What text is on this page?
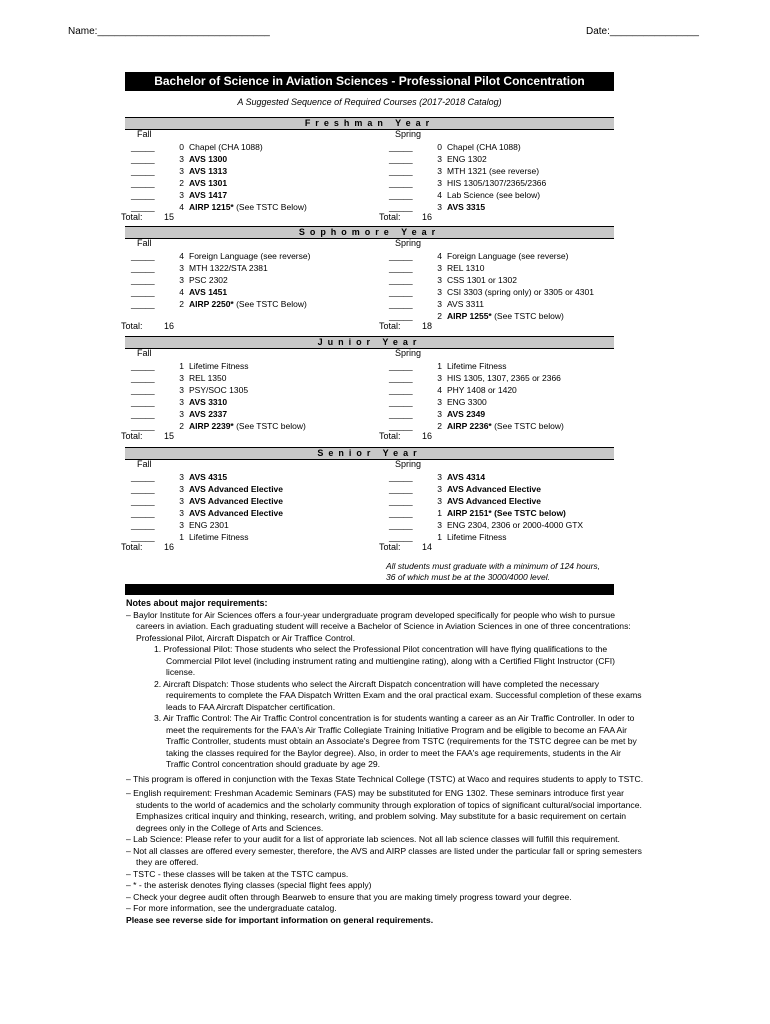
Name:_______________________________	Date:________________
Bachelor of Science in Aviation Sciences - Professional Pilot Concentration
A Suggested Sequence of Required Courses (2017-2018 Catalog)
Freshman Year
Fall
_____	0 Chapel (CHA 1088)
_____	3 AVS 1300
_____	3 AVS 1313
_____	2 AVS 1301
_____	3 AVS 1417
_____	4 AIRP 1215* (See TSTC Below)
Total: 15
Spring
_____	0 Chapel (CHA 1088)
_____	3 ENG 1302
_____	3 MTH 1321 (see reverse)
_____	3 HIS 1305/1307/2365/2366
_____	4 Lab Science (see below)
_____	3 AVS 3315
Total: 16
Sophomore Year
Fall
_____	4 Foreign Language (see reverse)
_____	3 MTH 1322/STA 2381
_____	3 PSC 2302
_____	4 AVS 1451
_____	2 AIRP 2250* (See TSTC Below)
Total: 16
Spring
_____	4 Foreign Language (see reverse)
_____	3 REL 1310
_____	3 CSS 1301 or 1302
_____	3 CSI 3303 (spring only) or 3305 or 4301
_____	3 AVS 3311
_____	2 AIRP 1255* (See TSTC below)
Total: 18
Junior Year
Fall
_____	1 Lifetime Fitness
_____	3 REL 1350
_____	3 PSY/SOC 1305
_____	3 AVS 3310
_____	3 AVS 2337
_____	2 AIRP 2239* (See TSTC below)
Total: 15
Spring
_____	1 Lifetime Fitness
_____	3 HIS 1305, 1307, 2365 or 2366
_____	4 PHY 1408 or 1420
_____	3 ENG 3300
_____	3 AVS 2349
_____	2 AIRP 2236* (See TSTC below)
Total: 16
Senior Year
Fall
_____	3 AVS 4315
_____	3 AVS Advanced Elective
_____	3 AVS Advanced Elective
_____	3 AVS Advanced Elective
_____	3 ENG 2301
_____	1 Lifetime Fitness
Total: 16
Spring
_____	3 AVS 4314
_____	3 AVS Advanced Elective
_____	3 AVS Advanced Elective
_____	1 AIRP 2151* (See TSTC below)
_____	3 ENG 2304, 2306 or 2000-4000 GTX
_____	1 Lifetime Fitness
Total: 14
All students must graduate with a minimum of 124 hours,
36 of which must be at the 3000/4000 level.
Notes about major requirements:
– Baylor Institute for Air Sciences offers a four-year undergraduate program developed specifically for people who wish to pursue careers in aviation. Each graduating student will receive a Bachelor of Science in Aviation Sciences in one of three concentrations: Professional Pilot, Aircraft Dispatch or Air Traffice Control.
1. Professional Pilot: Those students who select the Professional Pilot concentration will have flying qualifications to the Commercial Pilot level (including instrument rating and multiengine rating), along with a Certified Flight Instructor (CFI) license.
2. Aircraft Dispatch: Those students who select the Aircraft Dispatch concentration will have completed the necessary requirements to complete the FAA Dispatch Written Exam and the oral practical exam. Successful completion of these exams leads to FAA Aircraft Dispatcher certification.
3. Air Traffic Control: The Air Traffic Control concentration is for students wanting a career as an Air Traffic Controller. In oder to meet the requirements for the FAA's Air Traffic Collegiate Training Initiative Program and be eligible to become an FAA Air Traffic Controller, students must obtain an Associate's Degree from TSTC (requirements for the TSTC degree can be met by taking the classes required for the Baylor degree). Also, in order to meet the FAA's age requirements, students in the Air Traffic Control concentration should graduate by age 29.
– This program is offered in conjunction with the Texas State Technical College (TSTC) at Waco and requires students to apply to TSTC.
– English requirement: Freshman Academic Seminars (FAS) may be substituted for ENG 1302. These seminars introduce first year students to the world of academics and the scholarly community through exploration of topics of significant cultural/social importance. Emphasizes critical inquiry and thinking, research, writing, and problem solving. May substitute for a basic requirement on certain degrees only in the College of Arts and Sciences.
– Lab Science: Please refer to your audit for a list of approriate lab sciences. Not all lab science classes will fulfill this requirement.
– Not all classes are offered every semester, therefore, the AVS and AIRP classes are listed under the particular fall or spring semesters they are offered.
– TSTC - these classes will be taken at the TSTC campus.
– * - the asterisk denotes flying classes (special flight fees apply)
– Check your degree audit often through Bearweb to ensure that you are making timely progress toward your degree.
– For more information, see the undergraduate catalog.
Please see reverse side for important information on general requirements.
